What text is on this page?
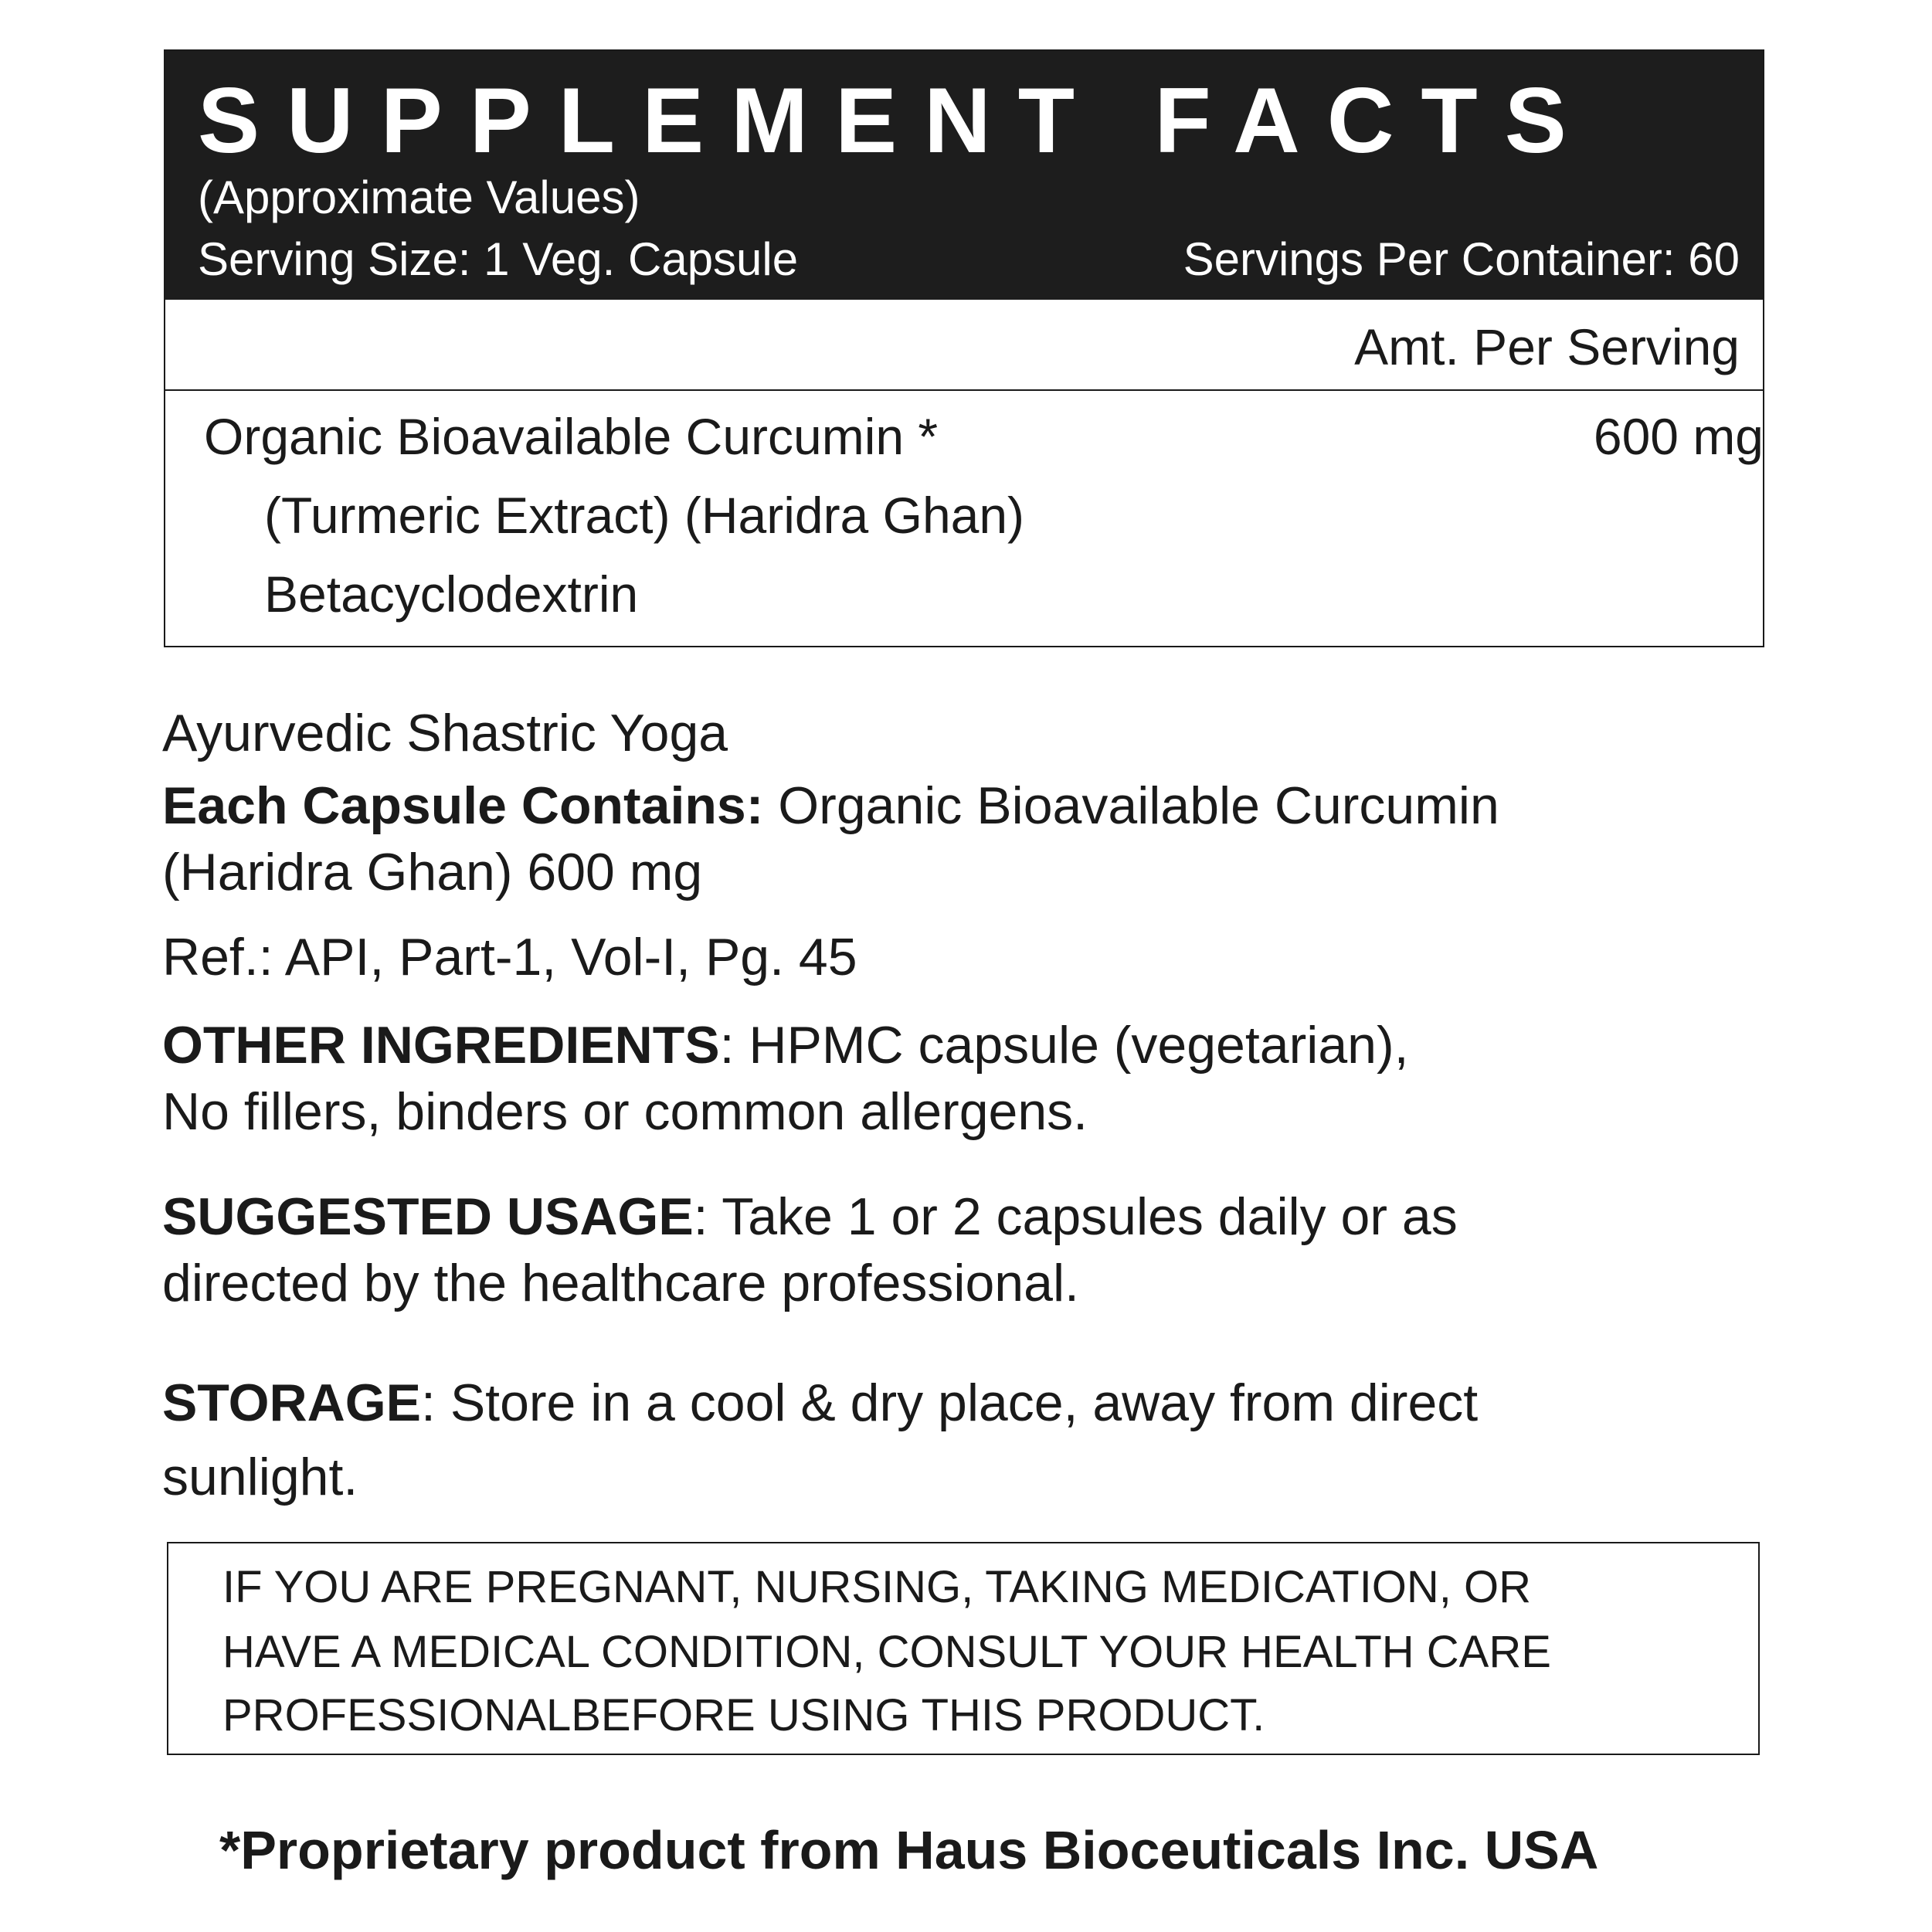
SUPPLEMENT FACTS
(Approximate Values)
Serving Size: 1 Veg. Capsule	Servings Per Container: 60
Amt. Per Serving
Organic Bioavailable Curcumin *	600 mg
(Turmeric Extract) (Haridra Ghan)
Betacyclodextrin
Ayurvedic Shastric Yoga
Each Capsule Contains: Organic Bioavailable Curcumin
(Haridra Ghan) 600 mg
Ref.: API, Part-1, Vol-I, Pg. 45
OTHER INGREDIENTS: HPMC capsule (vegetarian),
No fillers, binders or common allergens.
SUGGESTED USAGE: Take 1 or 2 capsules daily or as
directed by the healthcare professional.
STORAGE: Store in a cool & dry place, away from direct
sunlight.
IF YOU ARE PREGNANT, NURSING, TAKING MEDICATION, OR
HAVE A MEDICAL CONDITION, CONSULT YOUR HEALTH CARE
PROFESSIONALBEFORE USING THIS PRODUCT.
*Proprietary product from Haus Bioceuticals Inc. USA
